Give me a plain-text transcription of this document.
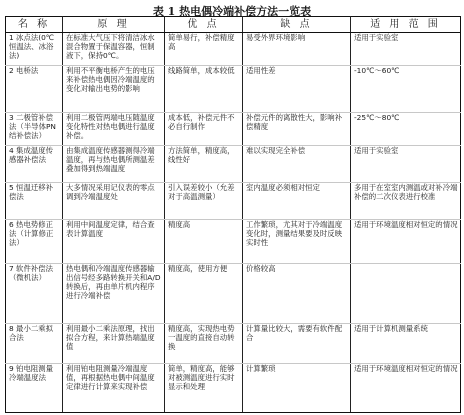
表 1 热电偶冷端补偿方法一览表
名 称	原 理	优 点	缺 点	适 用 范 围
1 冰点法(0℃恒温法、冰浴法)	在标准大气压下将清洁冰水混合物置于保温容器，恒制液下，保持0℃。	简单易行，补偿精度高	易受外界环境影响	适用于实验室
2 电桥法	利用不平衡电桥产生的电压来补偿热电偶因冷端温度的变化对输出电势的影响	线路简单，成本较低	适用性差	-10℃～60℃
3 二极管补偿法（半导体PN结补偿法）	利用二极管两端电压随温度变化特性对热电偶进行温度补偿。	成本低，补偿元件不必自行制作	补偿元件的离散性大，影响补偿精度	-25℃～80℃
4 集成温度传感器补偿法	由集成温度传感器测得冷端温度，再与热电偶所测温差叠加得到热端温度	方法简单，精度高，线性好	难以实现完全补偿	适用于实验室
5 恒温迁移补偿法	大多情况采用记仪表的零点调到冷端温度处	引入误差较小（允差对于高温测量）	室内温度必须相对恒定	多用于在室室内测温或对补冷端补偿的二次仪表进行校准
6 热电势修正法（计算修正法）	利用中间温度定律，结合查表计算温度	精度高	工作繁琐，尤其对于冷端温度变化时，测量结果要及时反映实时性	适用于环境温度相对恒定的情况
7 软件补偿法（微机法）	热电偶和冷端温度传感器输出信号经多路转换开关和A/D转换后，再由单片机内程序进行冷端补偿	精度高，使用方便	价格较高	
8 最小二乘拟合法	利用最小二乘法原理，找出拟合方程，来计算热端温度值	精度高，实现热电势一温度的直接自动转换	计算量比较大，需要有软件配合	适用于计算机测量系统
9 铂电阻测量冷端温度法	利用铂电阻测量冷端温度值，再根据热电偶中间温度定律进行计算来实现补偿	简单，精度高，能够对被测温度进行实时显示和处理	计算繁琐	适用于环境温度相对恒定的情况
